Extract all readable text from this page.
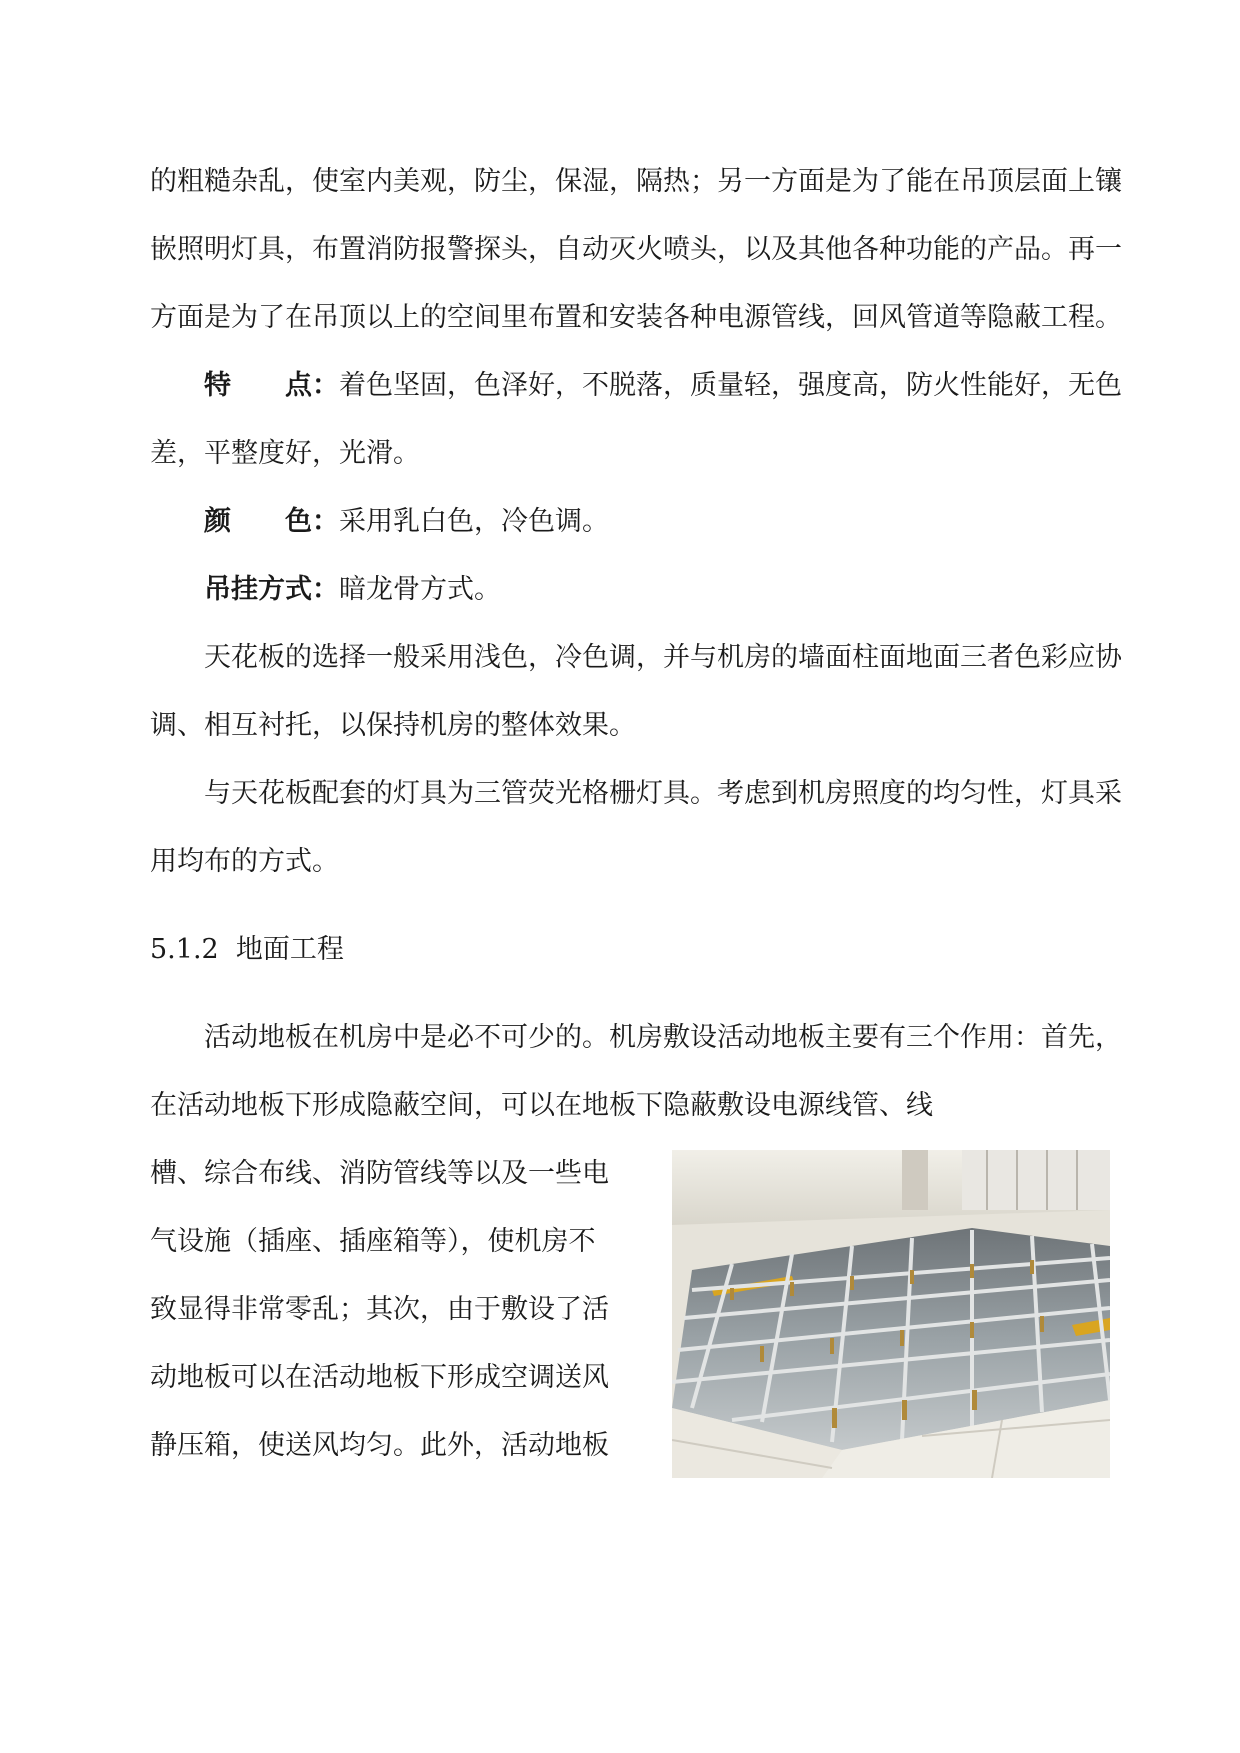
的粗糙杂乱，使室内美观，防尘，保湿，隔热；另一方面是为了能在吊顶层面上镶嵌照明灯具，布置消防报警探头，自动灭火喷头，以及其他各种功能的产品。再一方面是为了在吊顶以上的空间里布置和安装各种电源管线，回风管道等隐蔽工程。

特　　点：着色坚固，色泽好，不脱落，质量轻，强度高，防火性能好，无色差，平整度好，光滑。

颜　　色：采用乳白色，冷色调。

吊挂方式：暗龙骨方式。

天花板的选择一般采用浅色，冷色调，并与机房的墙面柱面地面三者色彩应协调、相互衬托，以保持机房的整体效果。

与天花板配套的灯具为三管荧光格栅灯具。考虑到机房照度的均匀性，灯具采用均布的方式。

5.1.2 地面工程

活动地板在机房中是必不可少的。机房敷设活动地板主要有三个作用：首先，在活动地板下形成隐蔽空间，可以在地板下隐蔽敷设电源线管、线

槽、综合布线、消防管线等以及一些电

气设施（插座、插座箱等），使机房不

致显得非常零乱；其次，由于敷设了活

动地板可以在活动地板下形成空调送风

静压箱，使送风均匀。此外，活动地板
